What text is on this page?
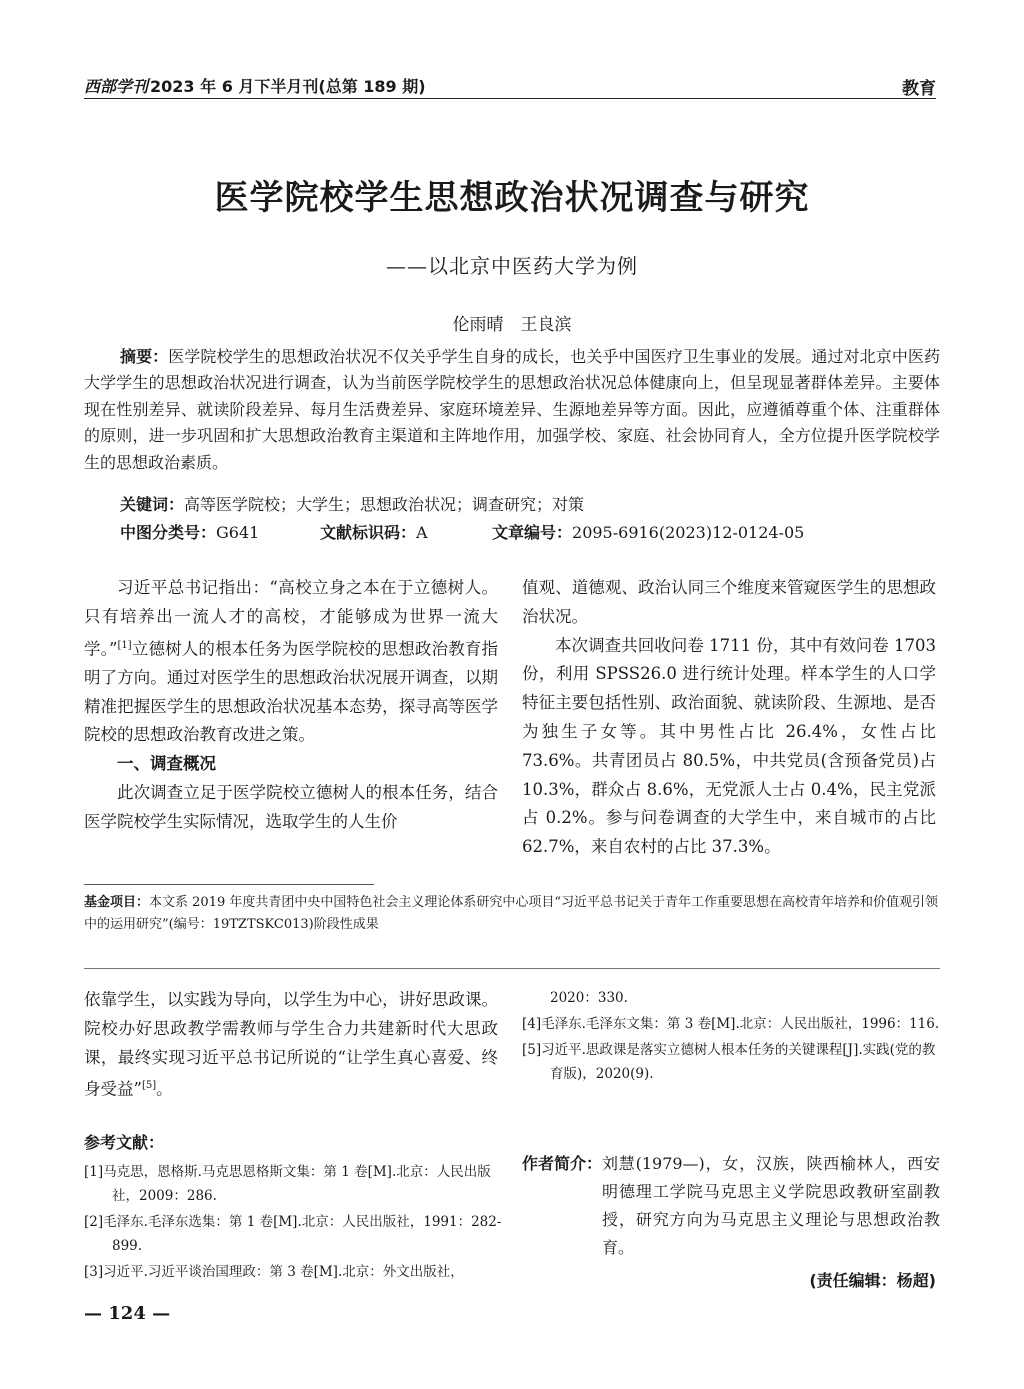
西部学刊 2023 年 6 月下半月刊(总第 189 期)	教育
医学院校学生思想政治状况调查与研究
——以北京中医药大学为例
伦雨晴　王良滨
摘要：医学院校学生的思想政治状况不仅关乎学生自身的成长，也关乎中国医疗卫生事业的发展。通过对北京中医药大学学生的思想政治状况进行调查，认为当前医学院校学生的思想政治状况总体健康向上，但呈现显著群体差异。主要体现在性别差异、就读阶段差异、每月生活费差异、家庭环境差异、生源地差异等方面。因此，应遵循尊重个体、注重群体的原则，进一步巩固和扩大思想政治教育主渠道和主阵地作用，加强学校、家庭、社会协同育人，全方位提升医学院校学生的思想政治素质。
关键词：高等医学院校；大学生；思想政治状况；调查研究；对策
中图分类号：G641	文献标识码：A	文章编号：2095-6916(2023)12-0124-05

习近平总书记指出：“高校立身之本在于立德树人。只有培养出一流人才的高校，才能够成为世界一流大学。”[1]立德树人的根本任务为医学院校的思想政治教育指明了方向。通过对医学生的思想政治状况展开调查，以期精准把握医学生的思想政治状况基本态势，探寻高等医学院校的思想政治教育改进之策。

一、调查概况

此次调查立足于医学院校立德树人的根本任务，结合医学院校学生实际情况，选取学生的人生价

值观、道德观、政治认同三个维度来管窥医学生的思想政治状况。

本次调查共回收问卷 1711 份，其中有效问卷 1703 份，利用 SPSS26.0 进行统计处理。样本学生的人口学特征主要包括性别、政治面貌、就读阶段、生源地、是否为独生子女等。其中男性占比 26.4%，女性占比 73.6%。共青团员占 80.5%，中共党员(含预备党员)占 10.3%，群众占 8.6%，无党派人士占 0.4%，民主党派占 0.2%。参与问卷调查的大学生中，来自城市的占比 62.7%，来自农村的占比 37.3%。

基金项目：本文系 2019 年度共青团中央中国特色社会主义理论体系研究中心项目“习近平总书记关于青年工作重要思想在高校青年培养和价值观引领中的运用研究”(编号：19TZTSKC013)阶段性成果

依靠学生，以实践为导向，以学生为中心，讲好思政课。院校办好思政教学需教师与学生合力共建新时代大思政课，最终实现习近平总书记所说的“让学生真心喜爱、终身受益”[5]。

参考文献：

[1]马克思，恩格斯.马克思恩格斯文集：第 1 卷[M].北京：人民出版社，2009：286.

[2]毛泽东.毛泽东选集：第 1 卷[M].北京：人民出版社，1991：282-899.

[3]习近平.习近平谈治国理政：第 3 卷[M].北京：外文出版社，

2020：330.

[4]毛泽东.毛泽东文集：第 3 卷[M].北京：人民出版社，1996：116.

[5]习近平.思政课是落实立德树人根本任务的关键课程[J].实践(党的教育版)，2020(9).

作者简介： 刘慧(1979—)，女，汉族，陕西榆林人，西安明德理工学院马克思主义学院思政教研室副教授，研究方向为马克思主义理论与思想政治教育。
(责任编辑：杨超)
— 124 —
